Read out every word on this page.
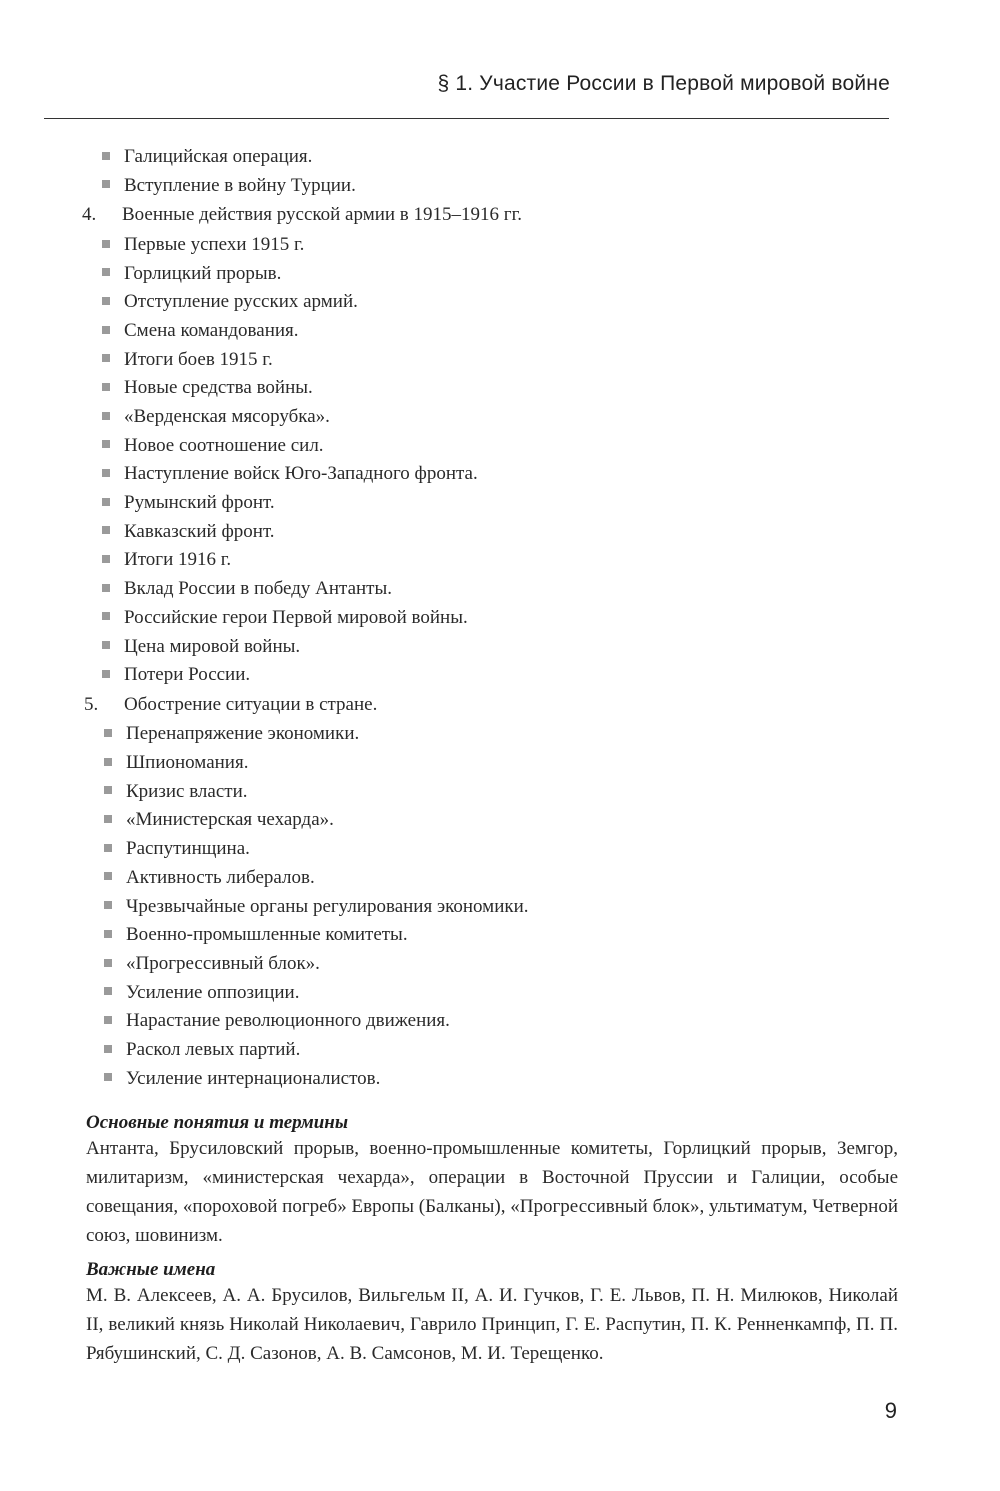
§ 1. Участие России в Первой мировой войне
Галицийская операция.
Вступление в войну Турции.
4. Военные действия русской армии в 1915–1916 гг.
Первые успехи 1915 г.
Горлицкий прорыв.
Отступление русских армий.
Смена командования.
Итоги боев 1915 г.
Новые средства войны.
«Верденская мясорубка».
Новое соотношение сил.
Наступление войск Юго-Западного фронта.
Румынский фронт.
Кавказский фронт.
Итоги 1916 г.
Вклад России в победу Антанты.
Российские герои Первой мировой войны.
Цена мировой войны.
Потери России.
5. Обострение ситуации в стране.
Перенапряжение экономики.
Шпиономания.
Кризис власти.
«Министерская чехарда».
Распутинщина.
Активность либералов.
Чрезвычайные органы регулирования экономики.
Военно-промышленные комитеты.
«Прогрессивный блок».
Усиление оппозиции.
Нарастание революционного движения.
Раскол левых партий.
Усиление интернационалистов.
Основные понятия и термины
Антанта, Брусиловский прорыв, военно-промышленные комитеты, Горлицкий прорыв, Земгор, милитаризм, «министерская чехарда», операции в Восточной Пруссии и Галиции, особые совещания, «пороховой погреб» Европы (Балканы), «Прогрессивный блок», ультиматум, Четверной союз, шовинизм.
Важные имена
М. В. Алексеев, А. А. Брусилов, Вильгельм II, А. И. Гучков, Г. Е. Львов, П. Н. Милюков, Николай II, великий князь Николай Николаевич, Гаврило Принцип, Г. Е. Распутин, П. К. Ренненкампф, П. П. Рябушинский, С. Д. Сазонов, А. В. Самсонов, М. И. Терещенко.
9
